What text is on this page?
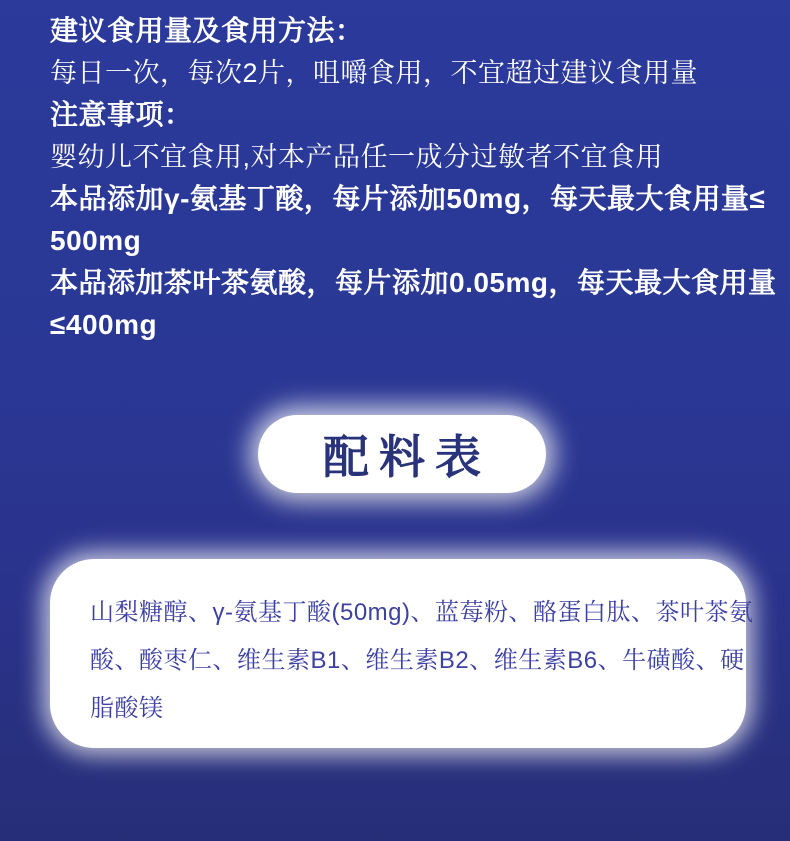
建议食用量及食用方法：
每日一次，每次2片，咀嚼食用，不宜超过建议食用量
注意事项：
婴幼儿不宜食用,对本产品任一成分过敏者不宜食用
本品添加γ-氨基丁酸，每片添加50mg，每天最大食用量≤
500mg
本品添加茶叶茶氨酸，每片添加0.05mg，每天最大食用量
≤400mg
配料表
山梨糖醇、γ-氨基丁酸(50mg)、蓝莓粉、酪蛋白肽、茶叶茶氨
酸、酸枣仁、维生素B1、维生素B2、维生素B6、牛磺酸、硬
脂酸镁
